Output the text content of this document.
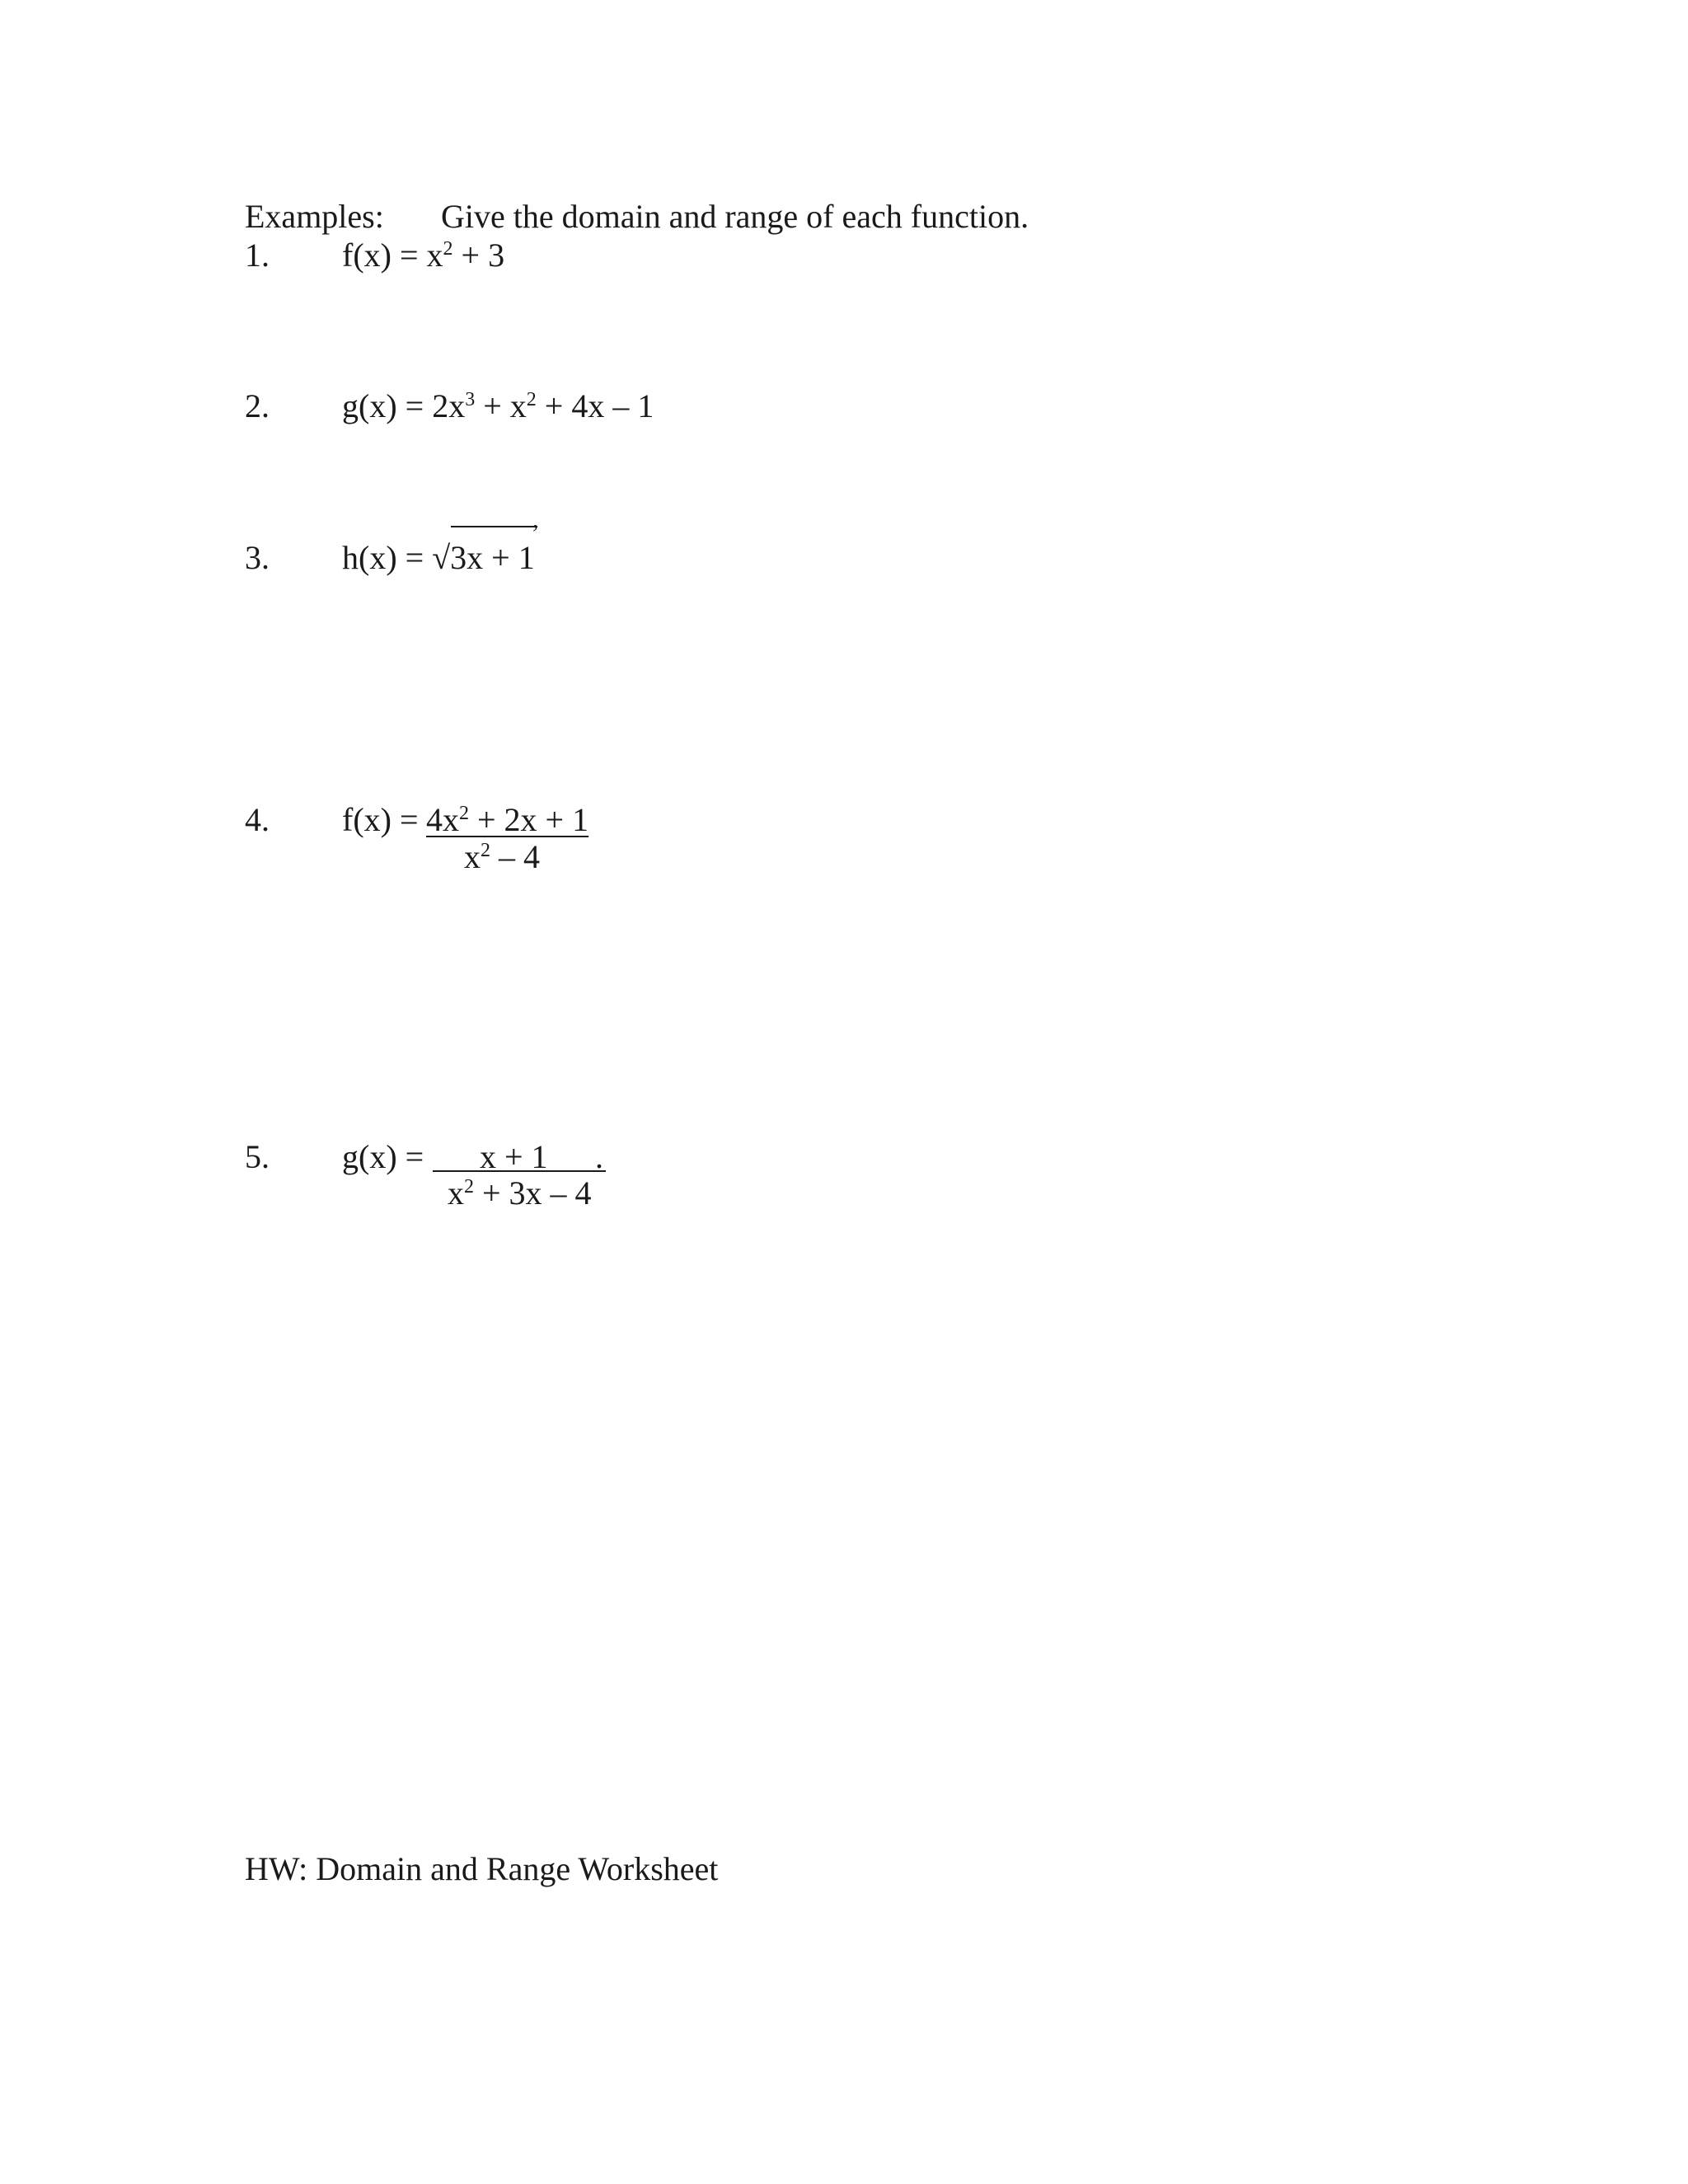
Examples: Give the domain and range of each function.
1. $f(x) = x^2 + 3$
2. $g(x) = 2x^3 + x^2 + 4x - 1$
3.
,
h(x) = √3x + 1
4. $f(x) = 4x^2 + 2x + 1$
$x^2 - 4$
5. g(x) = x + 1 .
$x^2 + 3x - 4$
HW: Domain and Range Worksheet
